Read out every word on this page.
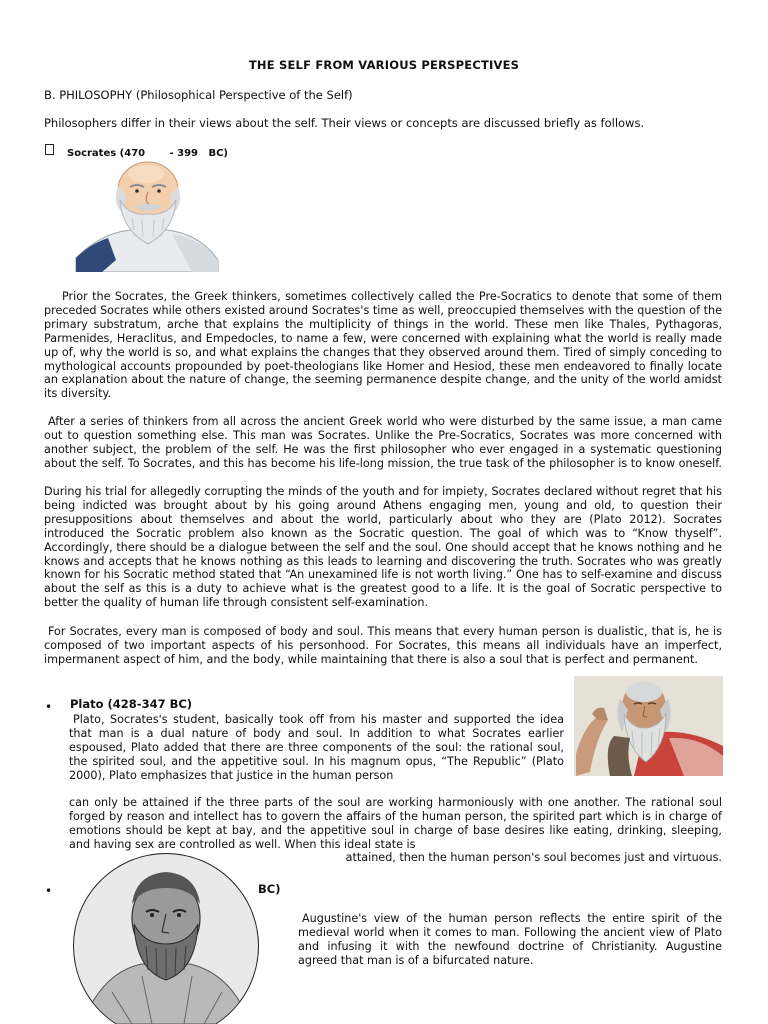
THE SELF FROM VARIOUS PERSPECTIVES
B. PHILOSOPHY (Philosophical Perspective of the Self)
Philosophers differ in their views about the self. Their views or concepts are discussed briefly as follows.
Socrates (470       - 399   BC)

Prior the Socrates, the Greek thinkers, sometimes collectively called the Pre-Socratics to denote that some of them preceded Socrates while others existed around Socrates's time as well, preoccupied themselves with the question of the primary substratum, arche that explains the multiplicity of things in the world. These men like Thales, Pythagoras, Parmenides, Heraclitus, and Empedocles, to name a few, were concerned with explaining what the world is really made up of, why the world is so, and what explains the changes that they observed around them. Tired of simply conceding to mythological accounts propounded by poet-theologians like Homer and Hesiod, these men endeavored to finally locate an explanation about the nature of change, the seeming permanence despite change, and the unity of the world amidst its diversity.

After a series of thinkers from all across the ancient Greek world who were disturbed by the same issue, a man came out to question something else. This man was Socrates. Unlike the Pre-Socratics, Socrates was more concerned with another subject, the problem of the self. He was the first philosopher who ever engaged in a systematic questioning about the self. To Socrates, and this has become his life-long mission, the true task of the philosopher is to know oneself.

During his trial for allegedly corrupting the minds of the youth and for impiety, Socrates declared without regret that his being indicted was brought about by his going around Athens engaging men, young and old, to question their presuppositions about themselves and about the world, particularly about who they are (Plato 2012). Socrates introduced the Socratic problem also known as the Socratic question. The goal of which was to “Know thyself”. Accordingly, there should be a dialogue between the self and the soul. One should accept that he knows nothing and he knows and accepts that he knows nothing as this leads to learning and discovering the truth. Socrates who was greatly known for his Socratic method stated that “An unexamined life is not worth living.” One has to self-examine and discuss about the self as this is a duty to achieve what is the greatest good to a life. It is the goal of Socratic perspective to better the quality of human life through consistent self-examination.

For Socrates, every man is composed of body and soul. This means that every human person is dualistic, that is, he is composed of two important aspects of his personhood. For Socrates, this means all individuals have an imperfect, impermanent aspect of him, and the body, while maintaining that there is also a soul that is perfect and permanent.

• Plato (428-347 BC)

Plato, Socrates's student, basically took off from his master and supported the idea that man is a dual nature of body and soul. In addition to what Socrates earlier espoused, Plato added that there are three components of the soul: the rational soul, the spirited soul, and the appetitive soul. In his magnum opus, “The Republic” (Plato 2000), Plato emphasizes that justice in the human person

can only be attained if the three parts of the soul are working harmoniously with one another. The rational soul forged by reason and intellect has to govern the affairs of the human person, the spirited part which is in charge of emotions should be kept at bay, and the appetitive soul in charge of base desires like eating, drinking, sleeping, and having sex are controlled as well. When this ideal state is

attained, then the human person's soul becomes just and virtuous.

•	BC)

Augustine's view of the human person reflects the entire spirit of the medieval world when it comes to man. Following the ancient view of Plato and infusing it with the newfound doctrine of Christianity. Augustine agreed that man is of a bifurcated nature.
